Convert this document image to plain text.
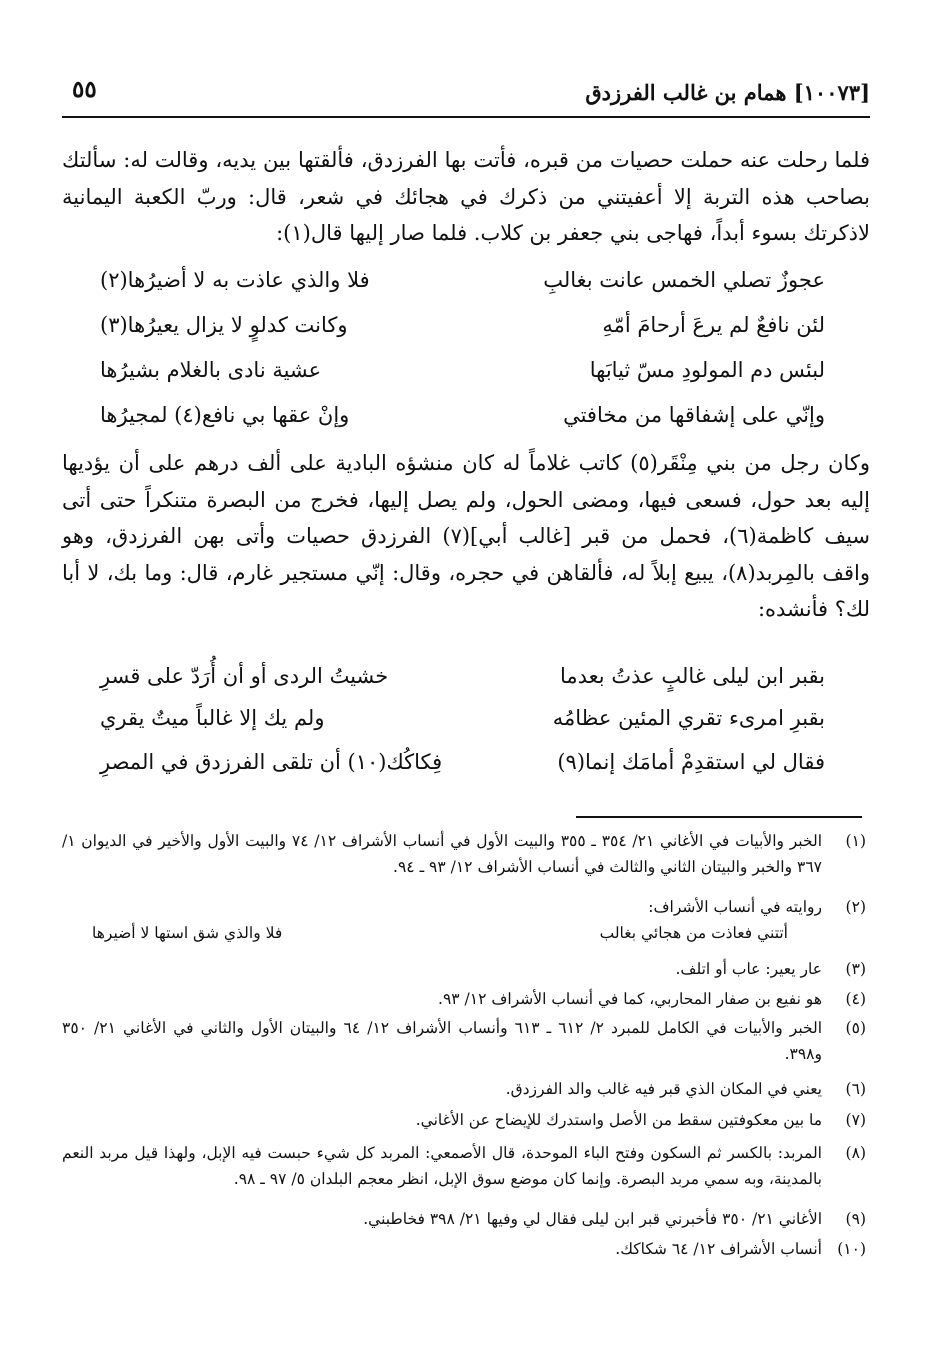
٥٥	[١٠٠٧٣] همام بن غالب الفرزدق
فلما رحلت عنه حملت حصيات من قبره، فأتت بها الفرزدق، فألقتها بين يديه، وقالت له: سألتك بصاحب هذه التربة إلا أعفيتني من ذكرك في هجائك في شعر، قال: وربّ الكعبة اليمانية لاذكرتك بسوء أبداً، فهاجى بني جعفر بن كلاب. فلما صار إليها قال(١):
عجوزٌ تصلي الخمس عانت بغالبِ
فلا والذي عاذت به لا أضيرُها(٢)
لئن نافعٌ لم يرعَ أرحامَ أمّهِ
وكانت كدلوٍ لا يزال يعيرُها(٣)
لبئس دم المولودِ مسّ ثيابَها
عشية نادى بالغلام بشيرُها
وإنّي على إشفاقها من مخافتي
وإنْ عقها بي نافع(٤) لمجيرُها
وكان رجل من بني مِنْقَر(٥) كاتب غلاماً له كان منشؤه البادية على ألف درهم على أن يؤديها إليه بعد حول، فسعى فيها، ومضى الحول، ولم يصل إليها، فخرج من البصرة متنكراً حتى أتى سيف كاظمة(٦)، فحمل من قبر [غالب أبي](٧) الفرزدق حصيات وأتى بهن الفرزدق، وهو واقف بالمِربد(٨)، يبيع إبلاً له، فألقاهن في حجره، وقال: إنّي مستجير غارم، قال: وما بك، لا أبا لك؟ فأنشده:
بقبر ابن ليلى غالبٍ عذتُ بعدما
خشيتُ الردى أو أن أُرَدّ على قسرِ
بقبرِ امرىء تقري المئين عظامُه
ولم يك إلا غالباً ميتٌ يقري
فقال لي استقدِمْ أمامَك إنما(٩)
فِكاكُك(١٠) أن تلقى الفرزدق في المصرِ
(١)
الخبر والأبيات في الأغاني ٢١/ ٣٥٤ ـ ٣٥٥ والبيت الأول في أنساب الأشراف ١٢/ ٧٤ والبيت الأول والأخير في الديوان ١/ ٣٦٧ والخبر والبيتان الثاني والثالث في أنساب الأشراف ١٢/ ٩٣ ـ ٩٤.
(٢)
روايته في أنساب الأشراف:
أتتني فعاذت من هجائي بغالب
فلا والذي شق استها لا أضيرها
(٣)
عار يعير: عاب أو اتلف.
(٤)
هو نفيع بن صفار المحاربي، كما في أنساب الأشراف ١٢/ ٩٣.
(٥)
الخبر والأبيات في الكامل للمبرد ٢/ ٦١٢ ـ ٦١٣ وأنساب الأشراف ١٢/ ٦٤ والبيتان الأول والثاني في الأغاني ٢١/ ٣٥٠ و٣٩٨.
(٦)
يعني في المكان الذي قبر فيه غالب والد الفرزدق.
(٧)
ما بين معكوفتين سقط من الأصل واستدرك للإيضاح عن الأغاني.
(٨)
المربد: بالكسر ثم السكون وفتح الباء الموحدة، قال الأصمعي: المربد كل شيء حبست فيه الإبل، ولهذا قيل مربد النعم بالمدينة، وبه سمي مربد البصرة. وإنما كان موضع سوق الإبل، انظر معجم البلدان ٥/ ٩٧ ـ ٩٨.
(٩)
الأغاني ٢١/ ٣٥٠ فأخبرني قبر ابن ليلى فقال لي وفيها ٢١/ ٣٩٨ فخاطبني.
(١٠)
أنساب الأشراف ١٢/ ٦٤ شكاكك.
